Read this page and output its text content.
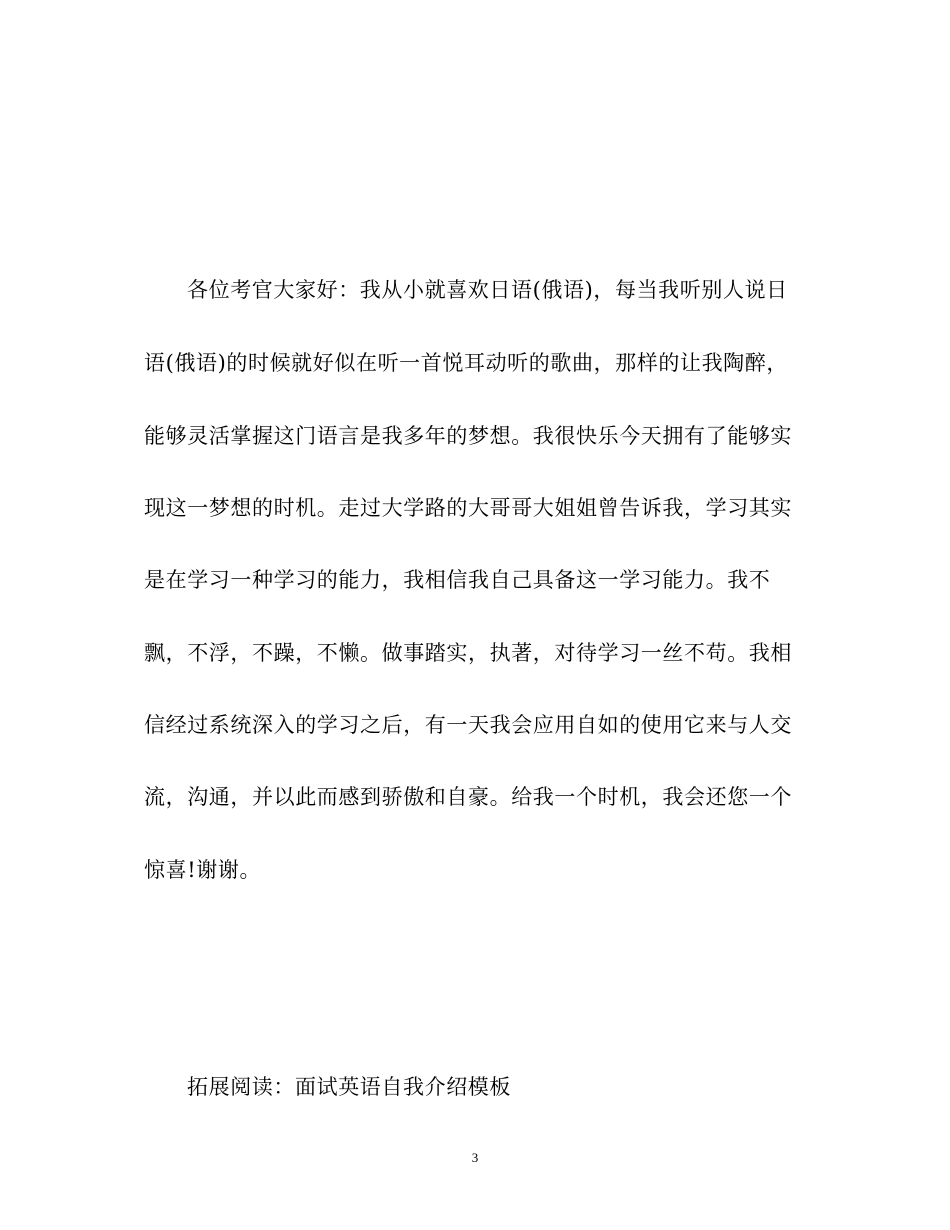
各位考官大家好：我从小就喜欢日语(俄语)，每当我听别人说日
语(俄语)的时候就好似在听一首悦耳动听的歌曲，那样的让我陶醉，
能够灵活掌握这门语言是我多年的梦想。我很快乐今天拥有了能够实
现这一梦想的时机。走过大学路的大哥哥大姐姐曾告诉我，学习其实
是在学习一种学习的能力，我相信我自己具备这一学习能力。我不
飘，不浮，不躁，不懒。做事踏实，执著，对待学习一丝不苟。我相
信经过系统深入的学习之后，有一天我会应用自如的使用它来与人交
流，沟通，并以此而感到骄傲和自豪。给我一个时机，我会还您一个
惊喜!谢谢。
拓展阅读：面试英语自我介绍模板
3
